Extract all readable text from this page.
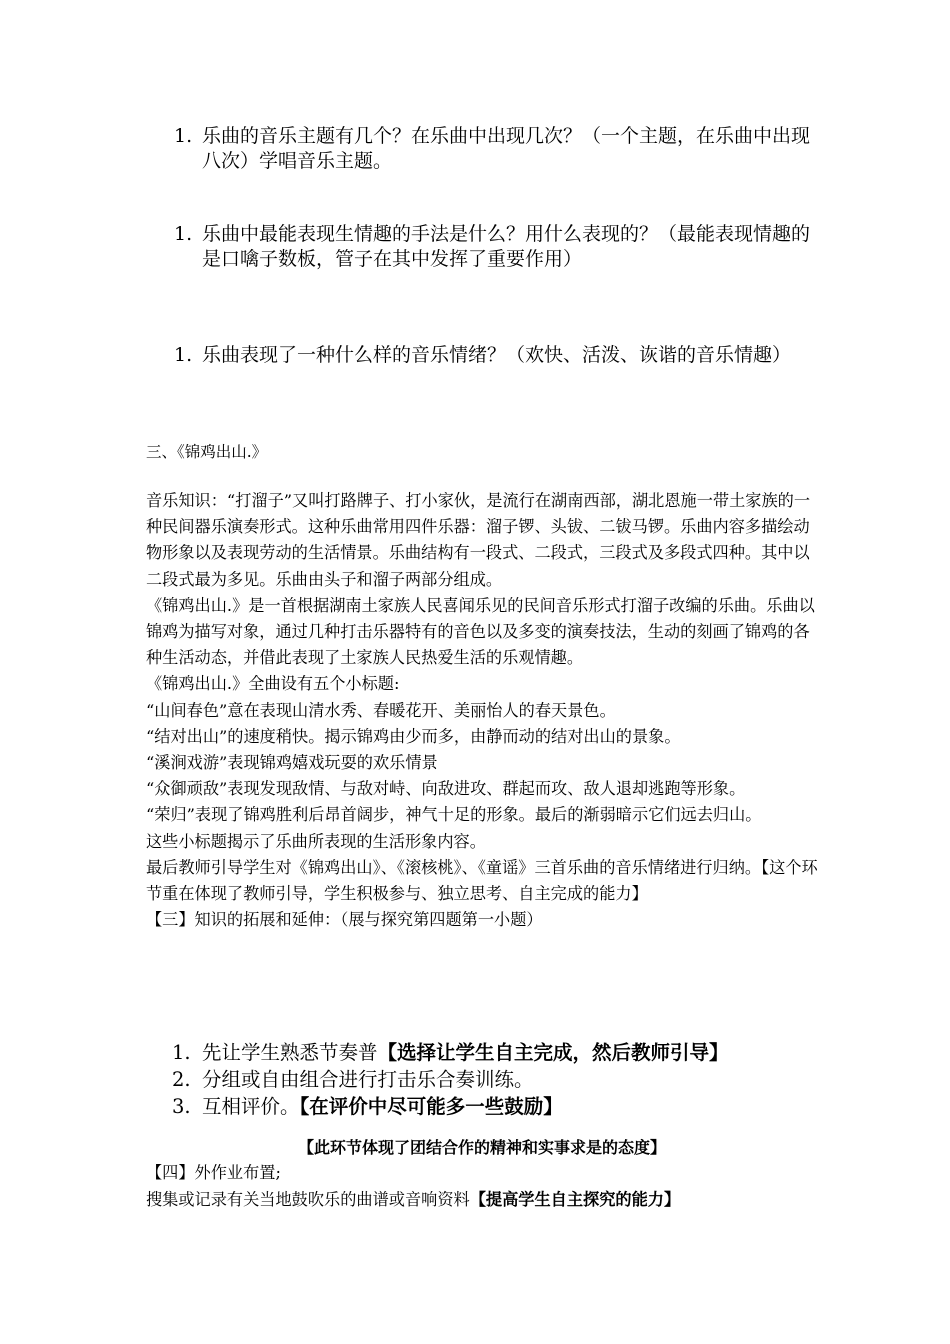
1. 乐曲的音乐主题有几个？在乐曲中出现几次？（一个主题，在乐曲中出现八次）学唱音乐主题。
1. 乐曲中最能表现生情趣的手法是什么？用什么表现的？（最能表现情趣的是口噙子数板，管子在其中发挥了重要作用）
1. 乐曲表现了一种什么样的音乐情绪？（欢快、活泼、诙谐的音乐情趣）
三、《锦鸡出山.》

音乐知识：“打溜子”又叫打路牌子、打小家伙，是流行在湖南西部，湖北恩施一带土家族的一种民间器乐演奏形式。这种乐曲常用四件乐器：溜子锣、头钹、二钹马锣。乐曲内容多描绘动物形象以及表现劳动的生活情景。乐曲结构有一段式、二段式，三段式及多段式四种。其中以二段式最为多见。乐曲由头子和溜子两部分组成。

《锦鸡出山.》是一首根据湖南土家族人民喜闻乐见的民间音乐形式打溜子改编的乐曲。乐曲以锦鸡为描写对象，通过几种打击乐器特有的音色以及多变的演奏技法，生动的刻画了锦鸡的各种生活动态，并借此表现了土家族人民热爱生活的乐观情趣。

《锦鸡出山.》全曲设有五个小标题:

“山间春色”意在表现山清水秀、春暖花开、美丽怡人的春天景色。

“结对出山”的速度稍快。揭示锦鸡由少而多，由静而动的结对出山的景象。

“溪涧戏游”表现锦鸡嬉戏玩耍的欢乐情景

“众御顽敌”表现发现敌情、与敌对峙、向敌进攻、群起而攻、敌人退却逃跑等形象。

“荣归”表现了锦鸡胜利后昂首阔步，神气十足的形象。最后的渐弱暗示它们远去归山。

这些小标题揭示了乐曲所表现的生活形象内容。

最后教师引导学生对《锦鸡出山》、《滚核桃》、《童谣》三首乐曲的音乐情绪进行归纳。【这个环节重在体现了教师引导，学生积极参与、独立思考、自主完成的能力】

【三】知识的拓展和延伸：（展与探究第四题第一小题）

1. 先让学生熟悉节奏普【选择让学生自主完成，然后教师引导】
2. 分组或自由组合进行打击乐合奏训练。
3. 互相评价。【在评价中尽可能多一些鼓励】
【此环节体现了团结合作的精神和实事求是的态度】

【四】外作业布置;

搜集或记录有关当地鼓吹乐的曲谱或音响资料【提高学生自主探究的能力】
